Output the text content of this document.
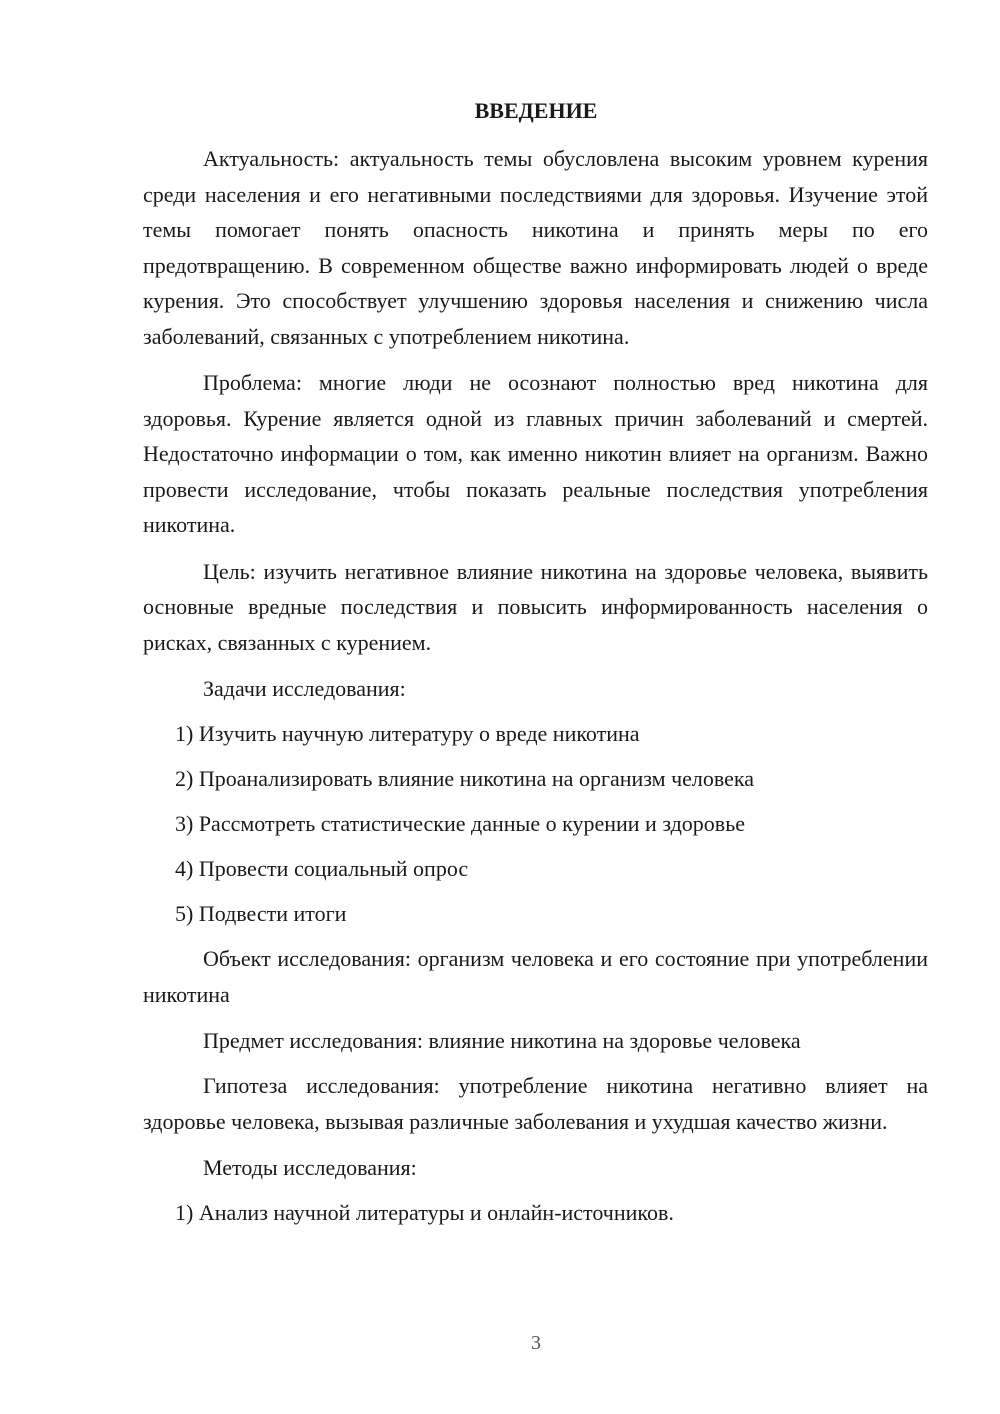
ВВЕДЕНИЕ

Актуальность: актуальность темы обусловлена высоким уровнем курения среди населения и его негативными последствиями для здоровья. Изучение этой темы помогает понять опасность никотина и принять меры по его предотвращению. В современном обществе важно информировать людей о вреде курения. Это способствует улучшению здоровья населения и снижению числа заболеваний, связанных с употреблением никотина.

Проблема: многие люди не осознают полностью вред никотина для здоровья. Курение является одной из главных причин заболеваний и смертей. Недостаточно информации о том, как именно никотин влияет на организм. Важно провести исследование, чтобы показать реальные последствия употребления никотина.

Цель: изучить негативное влияние никотина на здоровье человека, выявить основные вредные последствия и повысить информированность населения о рисках, связанных с курением.

Задачи исследования:

1) Изучить научную литературу о вреде никотина

2) Проанализировать влияние никотина на организм человека

3) Рассмотреть статистические данные о курении и здоровье

4) Провести социальный опрос

5) Подвести итоги

Объект исследования: организм человека и его состояние при употреблении никотина

Предмет исследования: влияние никотина на здоровье человека

Гипотеза исследования: употребление никотина негативно влияет на здоровье человека, вызывая различные заболевания и ухудшая качество жизни.

Методы исследования:

1) Анализ научной литературы и онлайн-источников.

3
